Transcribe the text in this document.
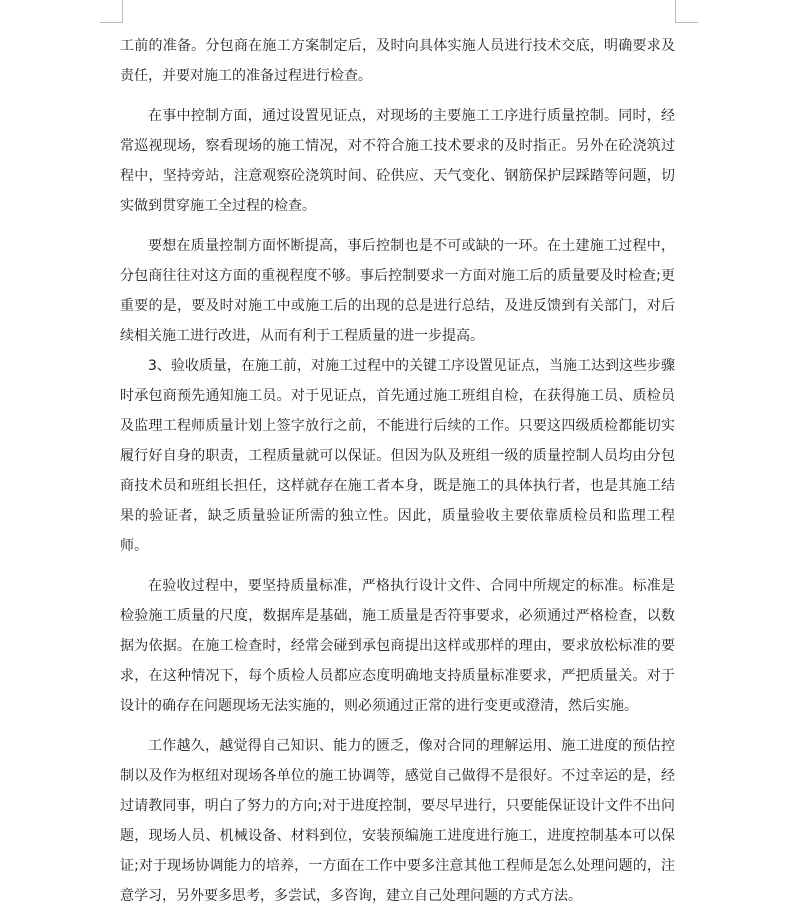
工前的准备。分包商在施工方案制定后，及时向具体实施人员进行技术交底，明确要求及责任，并要对施工的准备过程进行检查。

在事中控制方面，通过设置见证点，对现场的主要施工工序进行质量控制。同时，经常巡视现场，察看现场的施工情况，对不符合施工技术要求的及时指正。另外在砼浇筑过程中，坚持旁站，注意观察砼浇筑时间、砼供应、天气变化、钢筋保护层踩踏等问题，切实做到贯穿施工全过程的检查。

要想在质量控制方面怀断提高，事后控制也是不可或缺的一环。在土建施工过程中，分包商往往对这方面的重视程度不够。事后控制要求一方面对施工后的质量要及时检查;更重要的是，要及时对施工中或施工后的出现的总是进行总结，及进反馈到有关部门，对后续相关施工进行改进，从而有利于工程质量的进一步提高。

3、验收质量，在施工前，对施工过程中的关键工序设置见证点，当施工达到这些步骤时承包商预先通知施工员。对于见证点，首先通过施工班组自检，在获得施工员、质检员及监理工程师质量计划上签字放行之前，不能进行后续的工作。只要这四级质检都能切实履行好自身的职责，工程质量就可以保证。但因为队及班组一级的质量控制人员均由分包商技术员和班组长担任，这样就存在施工者本身，既是施工的具体执行者，也是其施工结果的验证者，缺乏质量验证所需的独立性。因此，质量验收主要依靠质检员和监理工程师。

在验收过程中，要坚持质量标准，严格执行设计文件、合同中所规定的标准。标准是检验施工质量的尺度，数据库是基础，施工质量是否符事要求，必须通过严格检查，以数据为依据。在施工检查时，经常会碰到承包商提出这样或那样的理由，要求放松标准的要求，在这种情况下，每个质检人员都应态度明确地支持质量标准要求，严把质量关。对于设计的确存在问题现场无法实施的，则必须通过正常的进行变更或澄清，然后实施。

工作越久，越觉得自己知识、能力的匮乏，像对合同的理解运用、施工进度的预估控制以及作为枢纽对现场各单位的施工协调等，感觉自己做得不是很好。不过幸运的是，经过请教同事，明白了努力的方向;对于进度控制，要尽早进行，只要能保证设计文件不出问题，现场人员、机械设备、材料到位，安装预编施工进度进行施工，进度控制基本可以保证;对于现场协调能力的培养，一方面在工作中要多注意其他工程师是怎么处理问题的，注意学习，另外要多思考，多尝试，多咨询，建立自己处理问题的方式方法。
